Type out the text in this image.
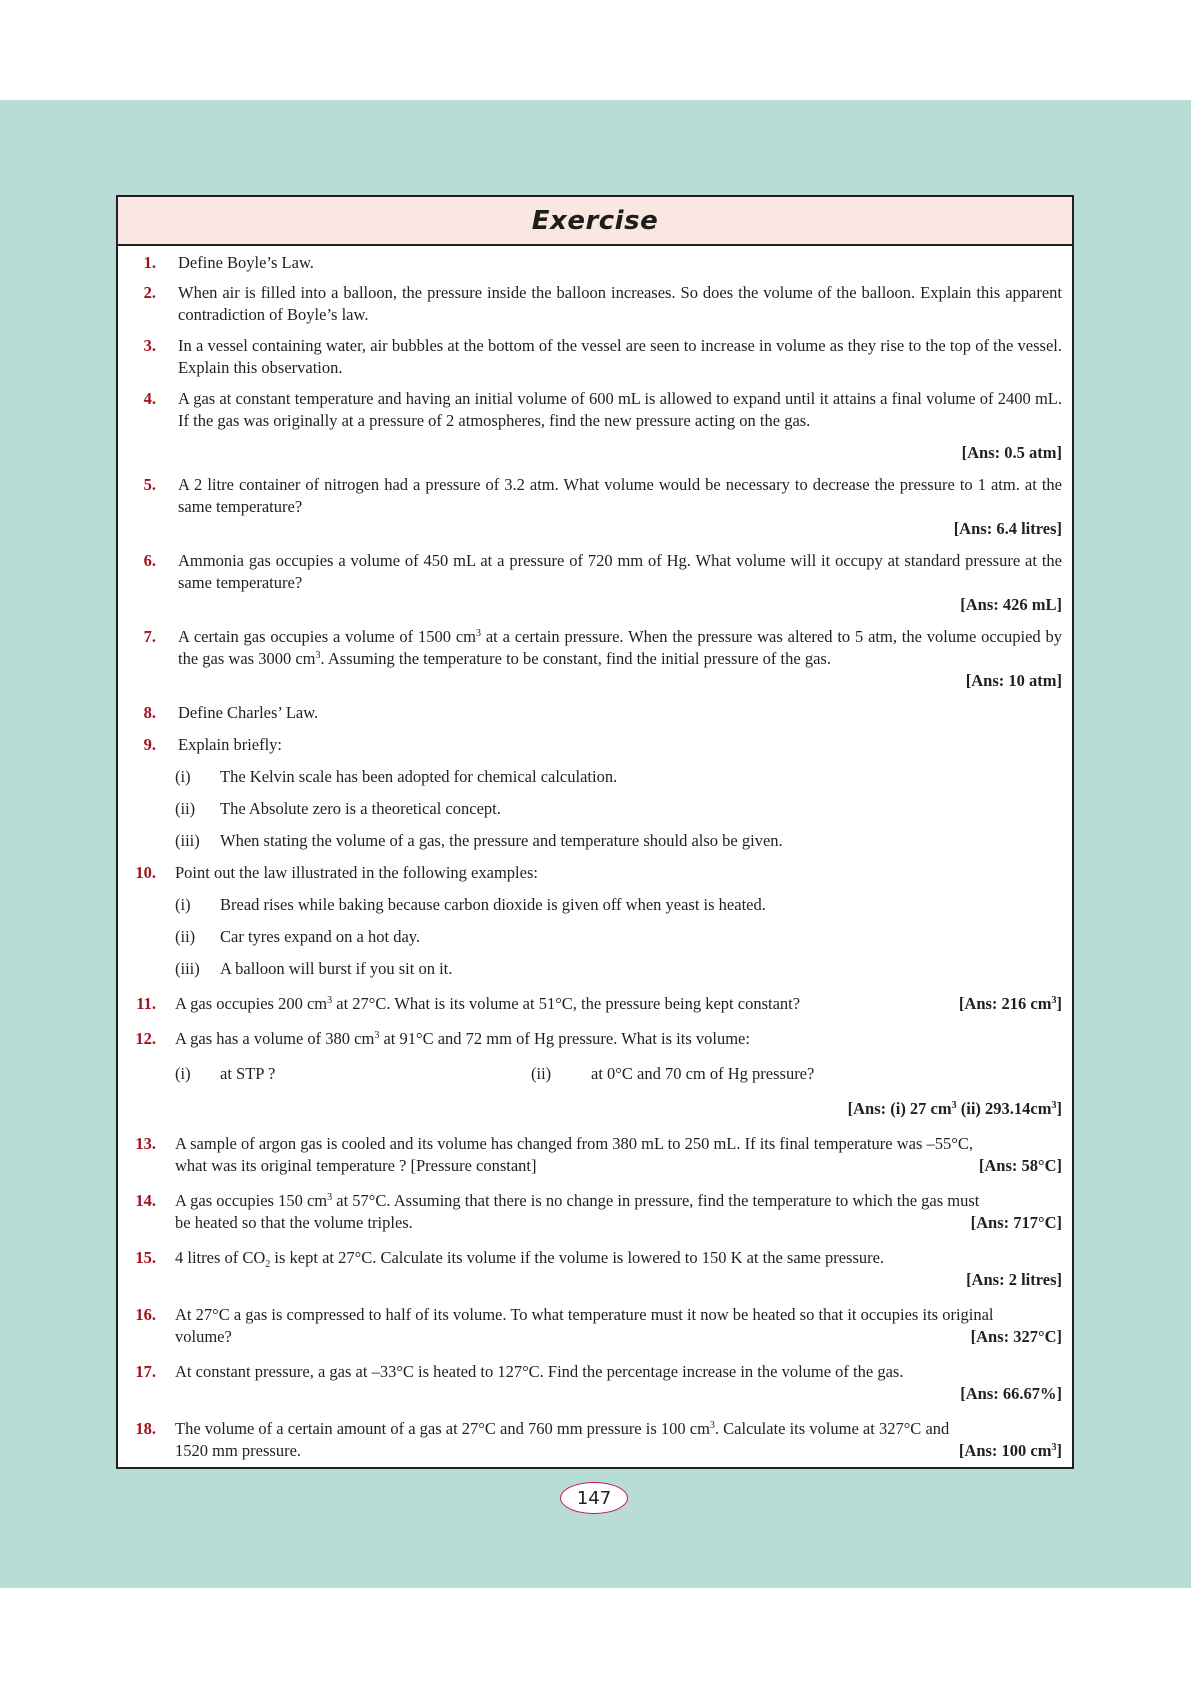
Exercise
1. Define Boyle’s Law.
2. When air is filled into a balloon, the pressure inside the balloon increases. So does the volume of the balloon. Explain this apparent contradiction of Boyle’s law.
3. In a vessel containing water, air bubbles at the bottom of the vessel are seen to increase in volume as they rise to the top of the vessel. Explain this observation.
4. A gas at constant temperature and having an initial volume of 600 mL is allowed to expand until it attains a final volume of 2400 mL. If the gas was originally at a pressure of 2 atmospheres, find the new pressure acting on the gas.
[Ans: 0.5 atm]
5. A 2 litre container of nitrogen had a pressure of 3.2 atm. What volume would be necessary to decrease the pressure to 1 atm. at the same temperature?
[Ans: 6.4 litres]
6. Ammonia gas occupies a volume of 450 mL at a pressure of 720 mm of Hg. What volume will it occupy at standard pressure at the same temperature?
[Ans: 426 mL]
7. A certain gas occupies a volume of 1500 $cm^3$ at a certain pressure. When the pressure was altered to 5 atm, the volume occupied by the gas was 3000 $cm^3$. Assuming the temperature to be constant, find the initial pressure of the gas.
[Ans: 10 atm]
8. Define Charles’ Law.
9. Explain briefly:
(i)	The Kelvin scale has been adopted for chemical calculation.
(ii)	The Absolute zero is a theoretical concept.
(iii)	When stating the volume of a gas, the pressure and temperature should also be given.
10. Point out the law illustrated in the following examples:
(i)	Bread rises while baking because carbon dioxide is given off when yeast is heated.
(ii)	Car tyres expand on a hot day.
(iii)	A balloon will burst if you sit on it.
11. A gas occupies 200 $cm^3$ at 27°C. What is its volume at 51°C, the pressure being kept constant?	[Ans: 216 $cm^3$]
12. A gas has a volume of 380 $cm^3$ at 91°C and 72 mm of Hg pressure. What is its volume:
(i)	at STP ?	(ii)	at 0°C and 70 cm of Hg pressure?
[Ans: (i) 27 $cm^3$ (ii) $293.14cm^3$]
13. A sample of argon gas is cooled and its volume has changed from 380 mL to 250 mL. If its final temperature was –55°C,
what was its original temperature ? [Pressure constant]	[Ans: 58°C]
14. A gas occupies 150 $cm^3$ at 57°C. Assuming that there is no change in pressure, find the temperature to which the gas must
be heated so that the volume triples.	[Ans: 717°C]
15. 4 litres of $CO_2$ is kept at 27°C. Calculate its volume if the volume is lowered to 150 K at the same pressure.
[Ans: 2 litres]
16. At 27°C a gas is compressed to half of its volume. To what temperature must it now be heated so that it occupies its original
volume?	[Ans: 327°C]
17. At constant pressure, a gas at –33°C is heated to 127°C. Find the percentage increase in the volume of the gas.
[Ans: 66.67%]
18. The volume of a certain amount of a gas at 27°C and 760 mm pressure is 100 $cm^3$. Calculate its volume at 327°C and
1520 mm pressure.	[Ans: 100 $cm^3$]
147
